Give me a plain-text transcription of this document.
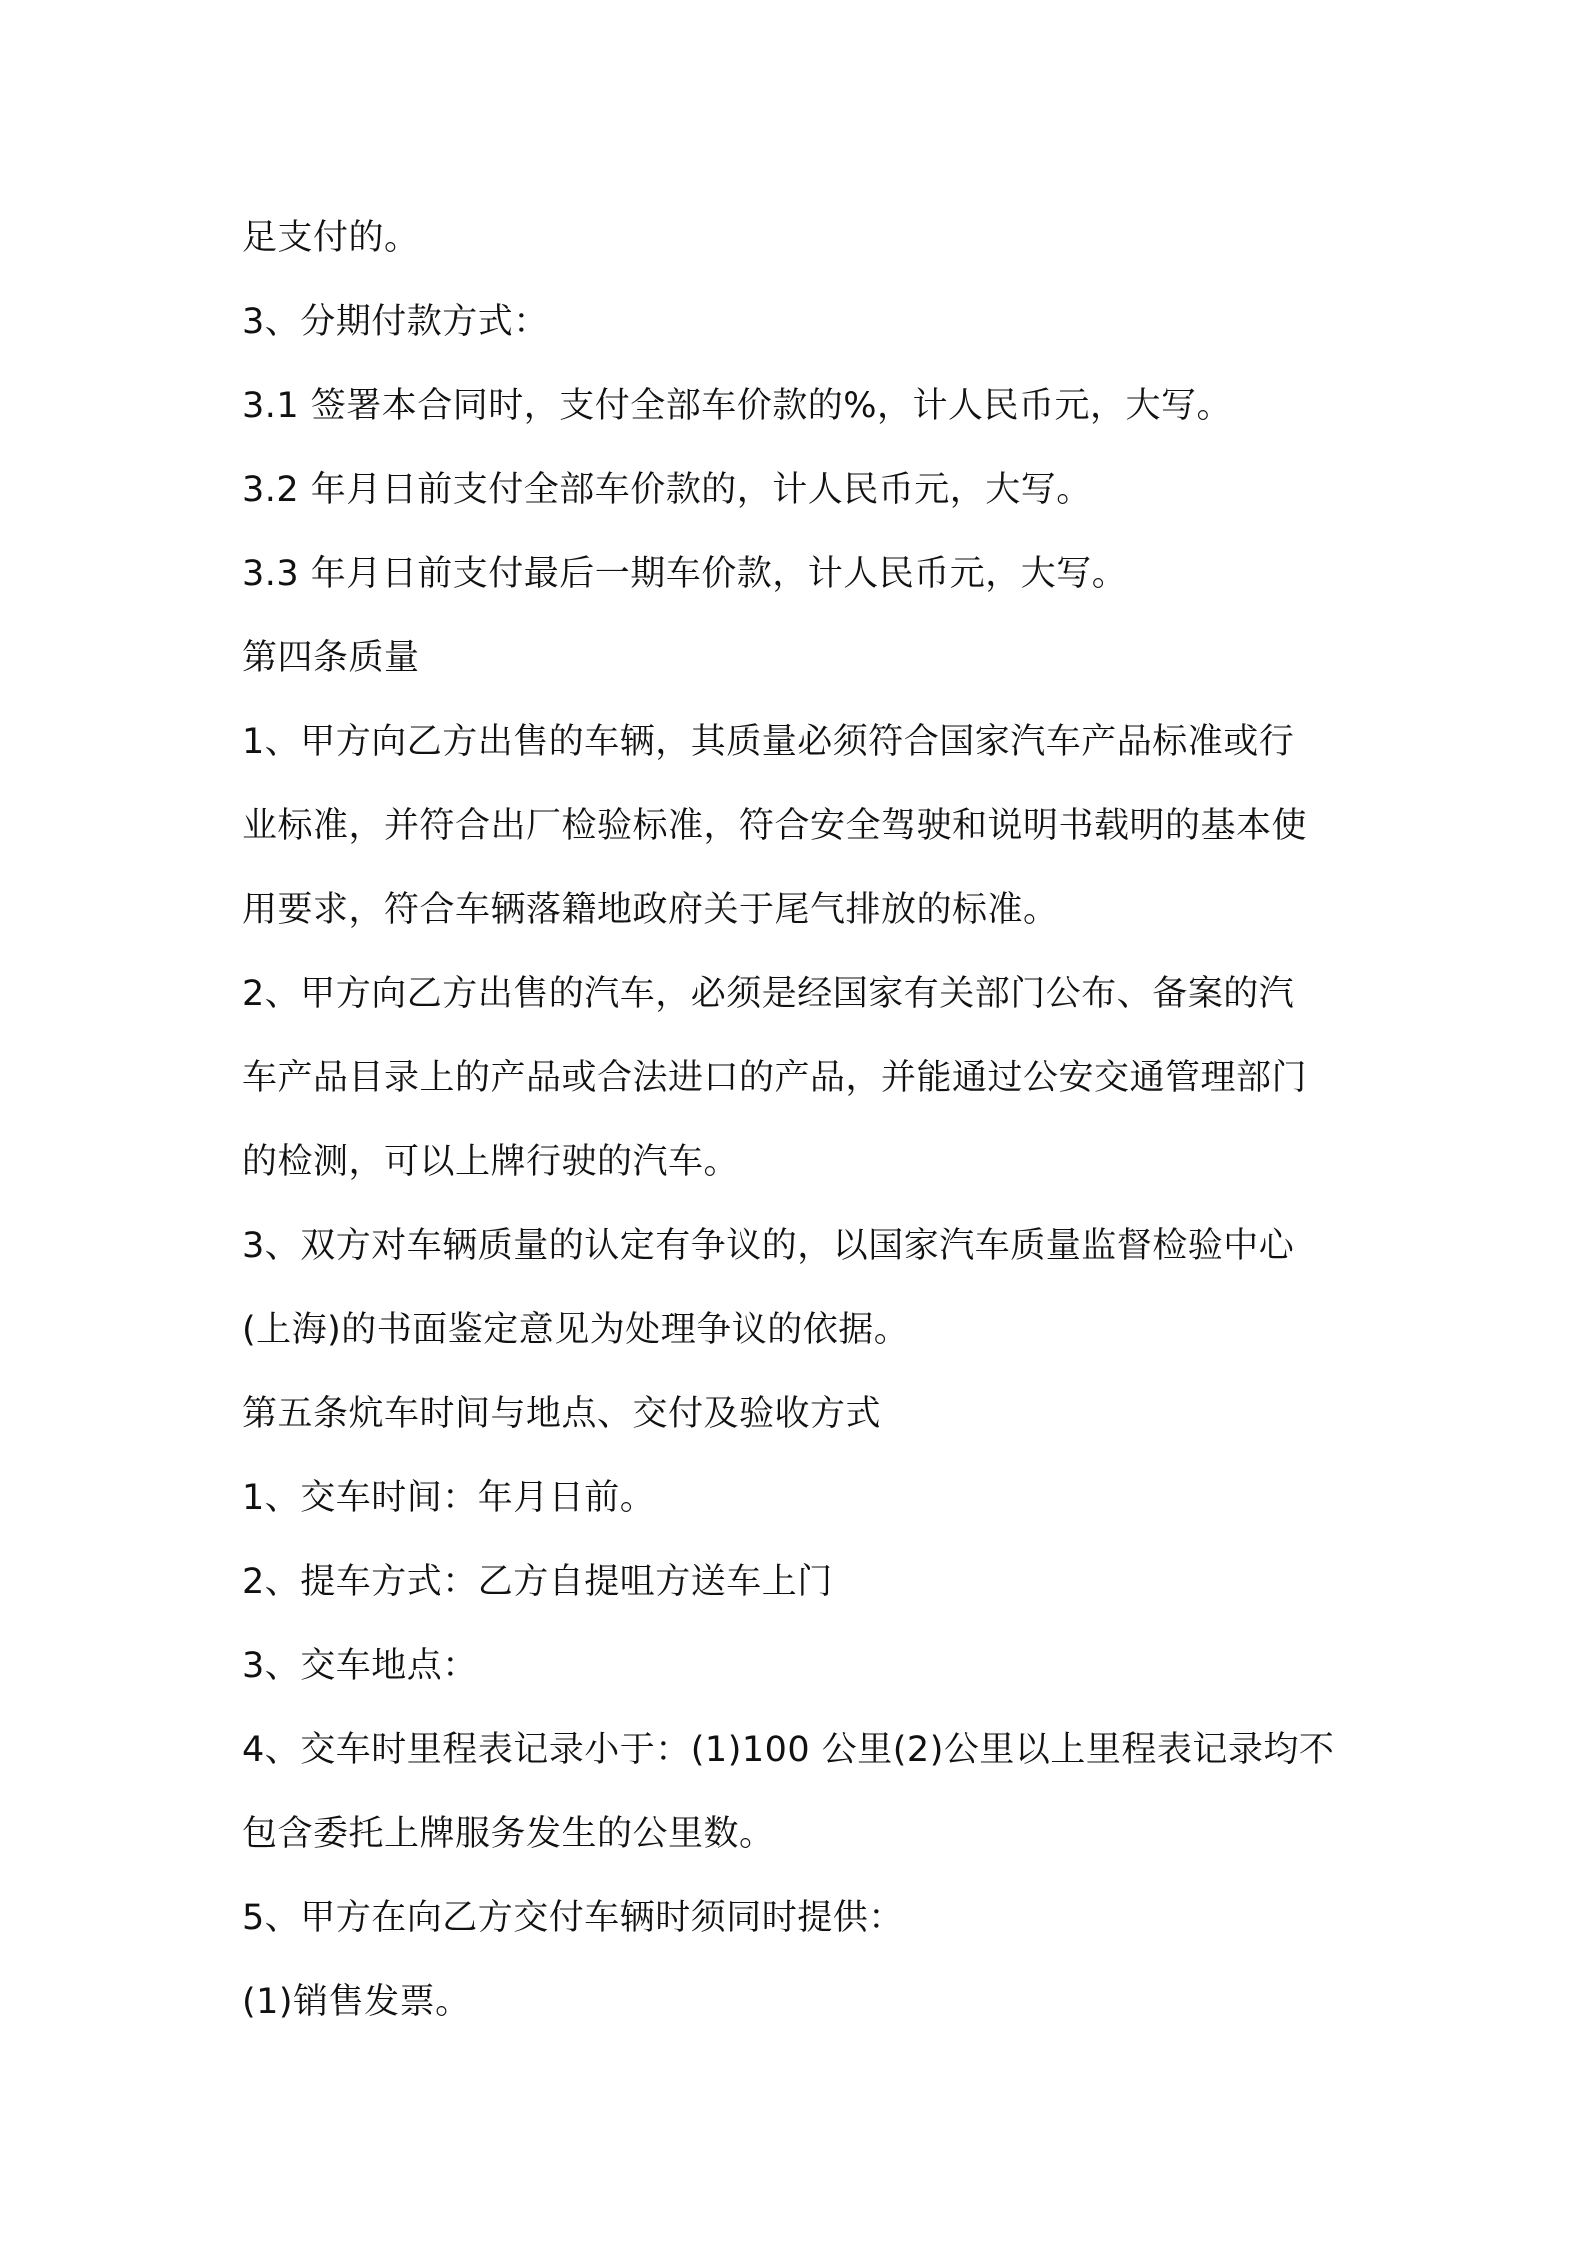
足支付的。
3、分期付款方式：
3.1 签署本合同时，支付全部车价款的%，计人民币元，大写。
3.2 年月日前支付全部车价款的，计人民币元，大写。
3.3 年月日前支付最后一期车价款，计人民币元，大写。
第四条质量
1、甲方向乙方出售的车辆，其质量必须符合国家汽车产品标准或行
业标准，并符合出厂检验标准，符合安全驾驶和说明书载明的基本使
用要求，符合车辆落籍地政府关于尾气排放的标准。
2、甲方向乙方出售的汽车，必须是经国家有关部门公布、备案的汽
车产品目录上的产品或合法进口的产品，并能通过公安交通管理部门
的检测，可以上牌行驶的汽车。
3、双方对车辆质量的认定有争议的，以国家汽车质量监督检验中心
(上海)的书面鉴定意见为处理争议的依据。
第五条炕车时间与地点、交付及验收方式
1、交车时间：年月日前。
2、提车方式：乙方自提咀方送车上门
3、交车地点：
4、交车时里程表记录小于：(1)100 公里(2)公里以上里程表记录均不
包含委托上牌服务发生的公里数。
5、甲方在向乙方交付车辆时须同时提供：
(1)销售发票。
